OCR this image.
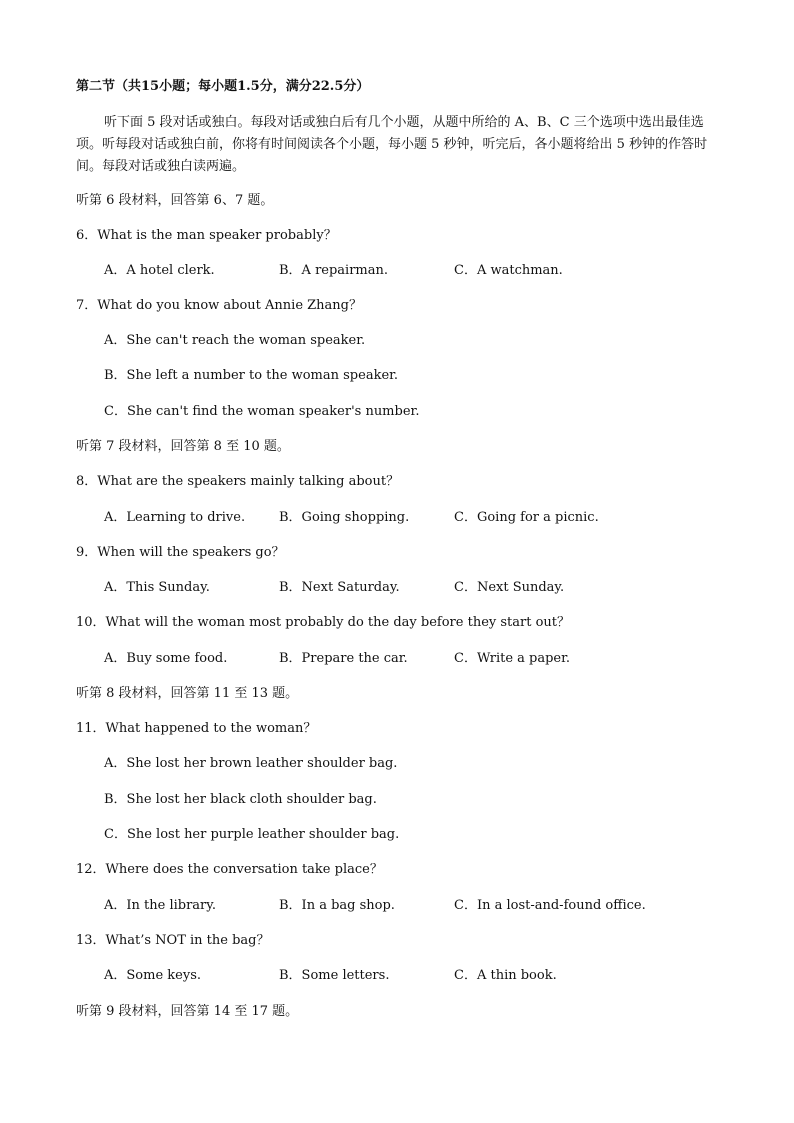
第二节（共15小题；每小题1.5分，满分22.5分）
听下面 5 段对话或独白。每段对话或独白后有几个小题，从题中所给的 A、B、C 三个选项中选出最佳选项。听每段对话或独白前，你将有时间阅读各个小题，每小题 5 秒钟，听完后，各小题将给出 5 秒钟的作答时间。每段对话或独白读两遍。
听第 6 段材料，回答第 6、7 题。
6．What is the man speaker probably？
A．A hotel clerk.	B．A repairman.	C．A watchman.
7．What do you know about Annie Zhang？
A．She can't reach the woman speaker.
B．She left a number to the woman speaker.
C．She can't find the woman speaker's number.
听第 7 段材料，回答第 8 至 10 题。
8．What are the speakers mainly talking about？
A．Learning to drive.	B．Going shopping.	C．Going for a picnic.
9．When will the speakers go？
A．This Sunday.	B．Next Saturday.	C．Next Sunday.
10．What will the woman most probably do the day before they start out？
A．Buy some food.	B．Prepare the car.	C．Write a paper.
听第 8 段材料，回答第 11 至 13 题。
11．What happened to the woman？
A．She lost her brown leather shoulder bag.
B．She lost her black cloth shoulder bag.
C．She lost her purple leather shoulder bag.
12．Where does the conversation take place？
A．In the library.	B．In a bag shop.	C．In a lost-and-found office.
13．What’s NOT in the bag？
A．Some keys.	B．Some letters.	C．A thin book.
听第 9 段材料，回答第 14 至 17 题。
